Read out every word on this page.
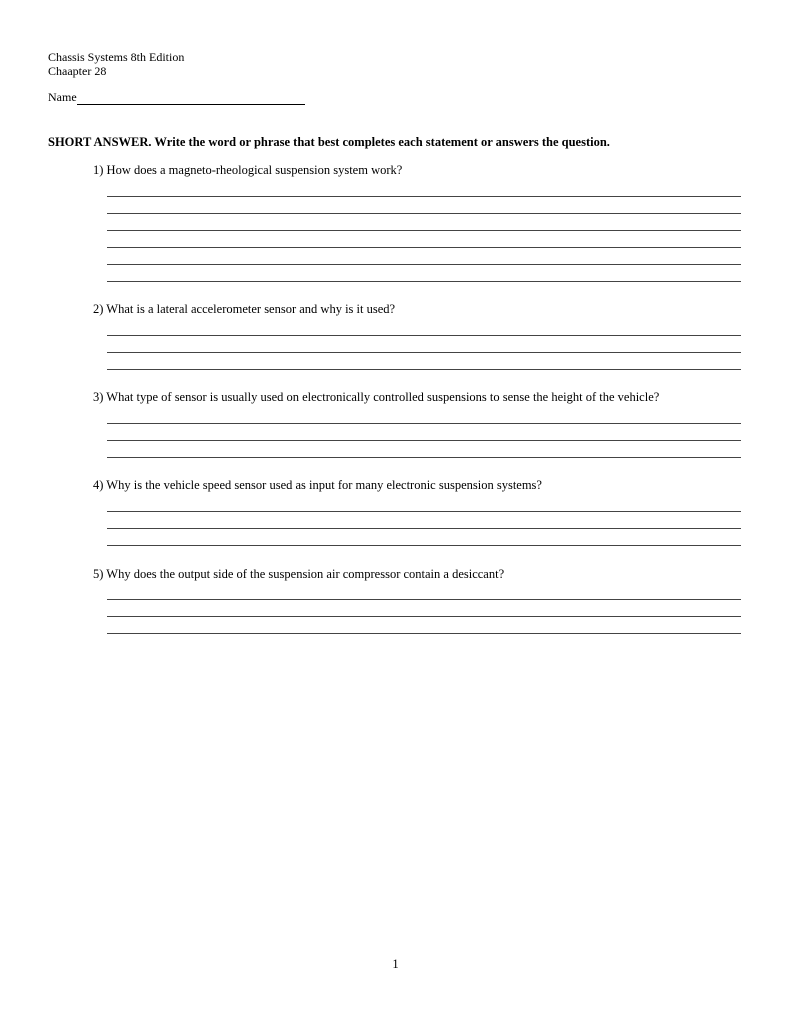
Chassis Systems 8th Edition
Chaapter 28
Name
SHORT ANSWER. Write the word or phrase that best completes each statement or answers the question.
1) How does a magneto-rheological suspension system work?
2) What is a lateral accelerometer sensor and why is it used?
3) What type of sensor is usually used on electronically controlled suspensions to sense the height of the vehicle?
4) Why is the vehicle speed sensor used as input for many electronic suspension systems?
5) Why does the output side of the suspension air compressor contain a desiccant?
1
